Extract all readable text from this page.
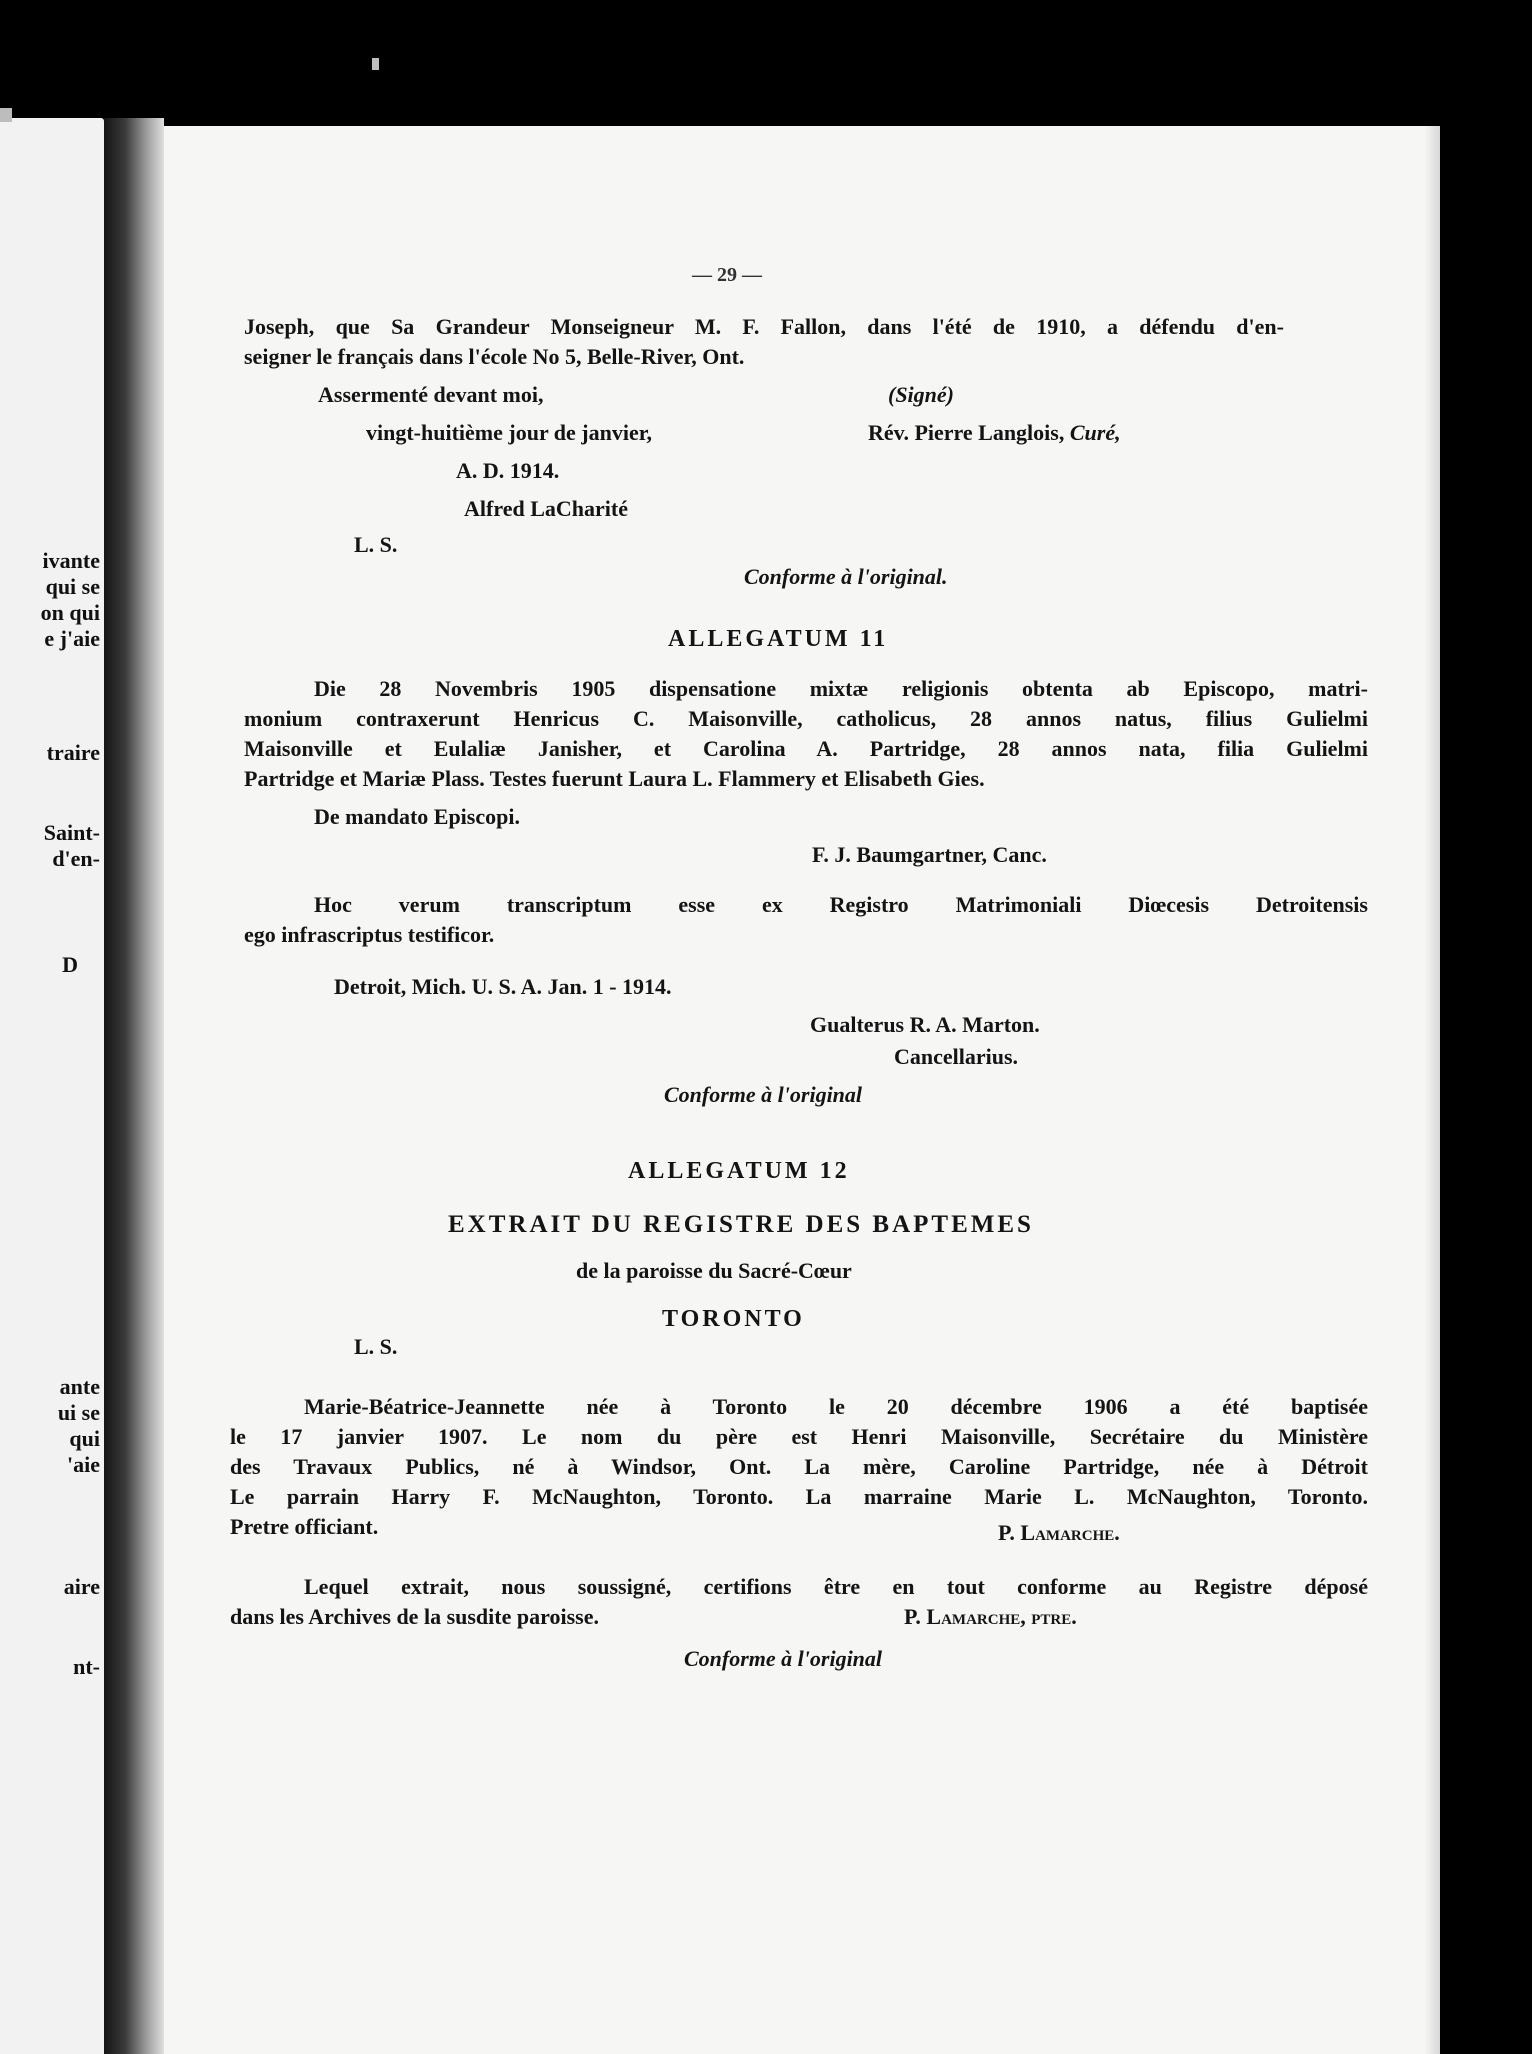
ivante
qui se
on qui
e j'aie
traire
Saint-
d'en-
D
ante
ui se
qui
'aie
aire
nt-
— 29 —
Joseph, que Sa Grandeur Monseigneur M. F. Fallon, dans l'été de 1910, a défendu d'en-
seigner le français dans l'école No 5, Belle-River, Ont.
Assermenté devant moi,
vingt-huitième jour de janvier,
A. D. 1914.
Alfred LaCharité
L. S.
(Signé)
Rév. Pierre Langlois, Curé,
Conforme à l'original.
ALLEGATUM 11
Die 28 Novembris 1905 dispensatione mixtæ religionis obtenta ab Episcopo, matri-
monium contraxerunt Henricus C. Maisonville, catholicus, 28 annos natus, filius Gulielmi
Maisonville et Eulaliæ Janisher, et Carolina A. Partridge, 28 annos nata, filia Gulielmi
Partridge et Mariæ Plass. Testes fuerunt Laura L. Flammery et Elisabeth Gies.
De mandato Episcopi.
F. J. Baumgartner, Canc.
Hoc verum transcriptum esse ex Registro Matrimoniali Diœcesis Detroitensis
ego infrascriptus testificor.
Detroit, Mich. U. S. A. Jan. 1 - 1914.
Gualterus R. A. Marton.
Cancellarius.
Conforme à l'original
ALLEGATUM 12
EXTRAIT DU REGISTRE DES BAPTEMES
de la paroisse du Sacré-Cœur
TORONTO
L. S.
Marie-Béatrice-Jeannette née à Toronto le 20 décembre 1906 a été baptisée
le 17 janvier 1907. Le nom du père est Henri Maisonville, Secrétaire du Ministère
des Travaux Publics, né à Windsor, Ont. La mère, Caroline Partridge, née à Détroit
Le parrain Harry F. McNaughton, Toronto. La marraine Marie L. McNaughton, Toronto.
Pretre officiant.	P. Lamarche.
Lequel extrait, nous soussigné, certifions être en tout conforme au Registre déposé
dans les Archives de la susdite paroisse.	P. Lamarche, ptre.
Conforme à l'original
